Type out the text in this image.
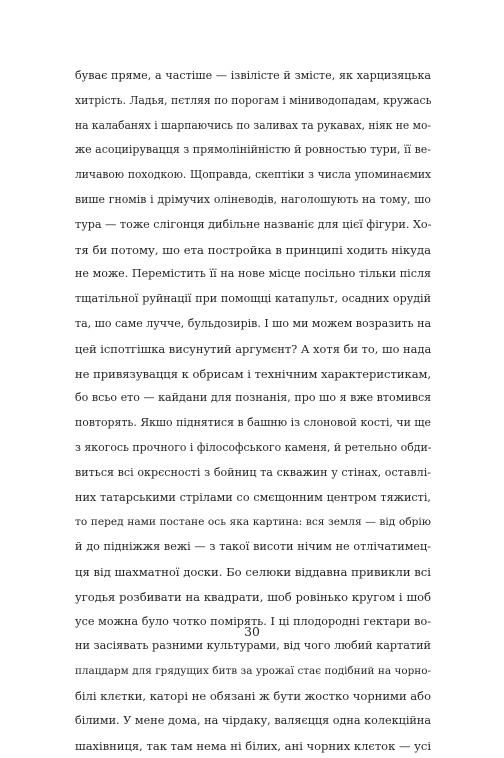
буває пряме, а частіше — ізвілісте й змісте, як харцизяцька
хитрість. Ладья, пєтляя по порогам і міниводопадам, кружась
на калабанях і шарпаючись по заливах та рукавах, ніяк не мо-
же асоциірувацця з прямолінійністю й ровностью тури, її ве-
личавою походкою. Щоправда, скептіки з числа упоминаємих
више гномів і дрімучих оліневодів, наголошують на тому, шо
тура — тоже слігонця дибільне названіє для цієї фігури. Хо-
тя би потому, шо ета постройка в принципі ходить нікуда
не може. Перемістить її на нове місце посільно тільки після
тщатільної руйнації при помощці катапульт, осадних орудій
та, шо саме лучче, бульдозирів. І шо ми можем возразить на
цей іспотгішка висунутий аргумєнт? А хотя би то, шо нада
не привязувацця к обрисам і технічним характеристикам,
бо всьо ето — кайдани для познанія, про шо я вже втомився
повторять. Якшо піднятися в башню із слоновой кості, чи ще
з якогось прочного і філософського каменя, й ретельно обди-
виться всі окрєсності з бойниц та скважин у стінах, оставлі-
них татарськими стрілами со смєщонним центром тяжисті,
то перед нами постане ось яка картина: вся земля — від обрію
й до підніжжя вежі — з такої висоти нічим не отлічатимец-
ця від шахматної доски. Бо селюки віддавна привикли всі
угодья розбивати на квадрати, шоб ровінько кругом і шоб
усе можна було чотко помірять. І ці плодородні гектари во-
ни засіявать разними культурами, від чого любий картатий
плацдарм для грядущих битв за урожаї стає подібний на чорно-
білі клєтки, каторі не обязані ж бути жостко чорними або
білими. У мене дома, на чірдаку, валяєцця одна колекційна
шахівниця, так там нема ні білих, ані чорних клєток — усі
30
